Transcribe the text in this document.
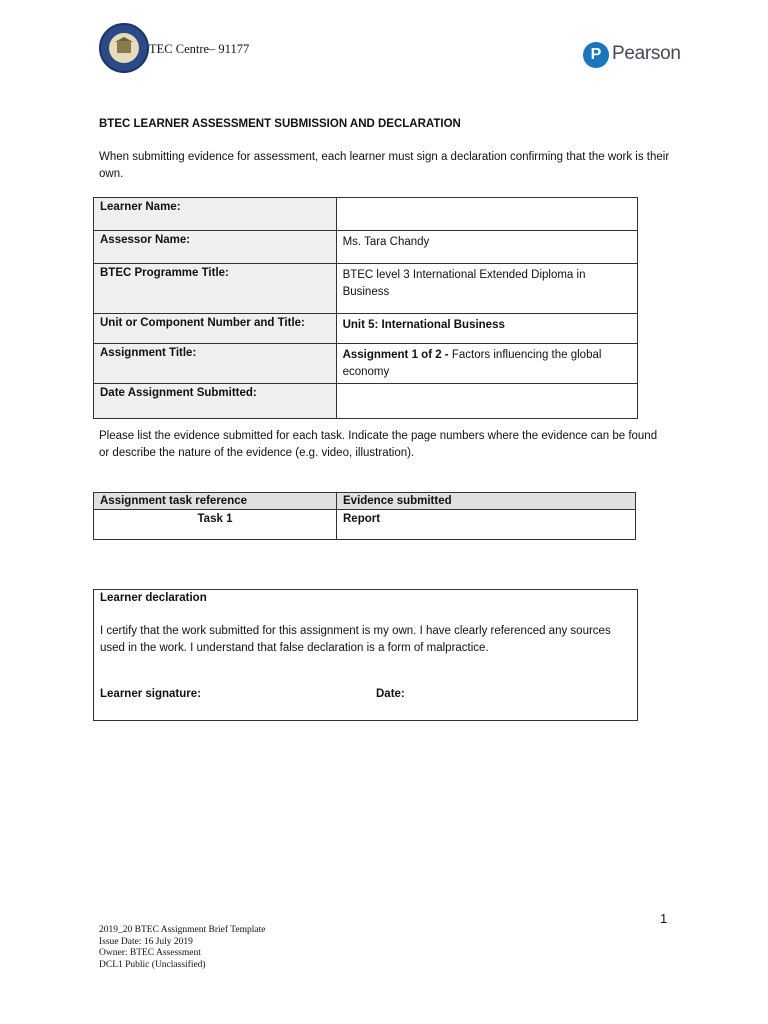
TEC Centre– 91177	P Pearson
BTEC LEARNER ASSESSMENT SUBMISSION AND DECLARATION
When submitting evidence for assessment, each learner must sign a declaration confirming that the work is their own.
Learner Name:	
Assessor Name:	Ms. Tara Chandy
BTEC Programme Title:	BTEC level 3 International Extended Diploma in Business
Unit or Component Number and Title:	Unit 5: International Business
Assignment Title:	Assignment 1 of 2 - Factors influencing the global economy
Date Assignment Submitted:	
Please list the evidence submitted for each task. Indicate the page numbers where the evidence can be found or describe the nature of the evidence (e.g. video, illustration).
Assignment task reference	Evidence submitted
Task 1	Report
Learner declaration
I certify that the work submitted for this assignment is my own. I have clearly referenced any sources used in the work. I understand that false declaration is a form of malpractice.
Learner signature:	Date:
1
2019_20 BTEC Assignment Brief Template
Issue Date: 16 July 2019
Owner: BTEC Assessment
DCL1 Public (Unclassified)
